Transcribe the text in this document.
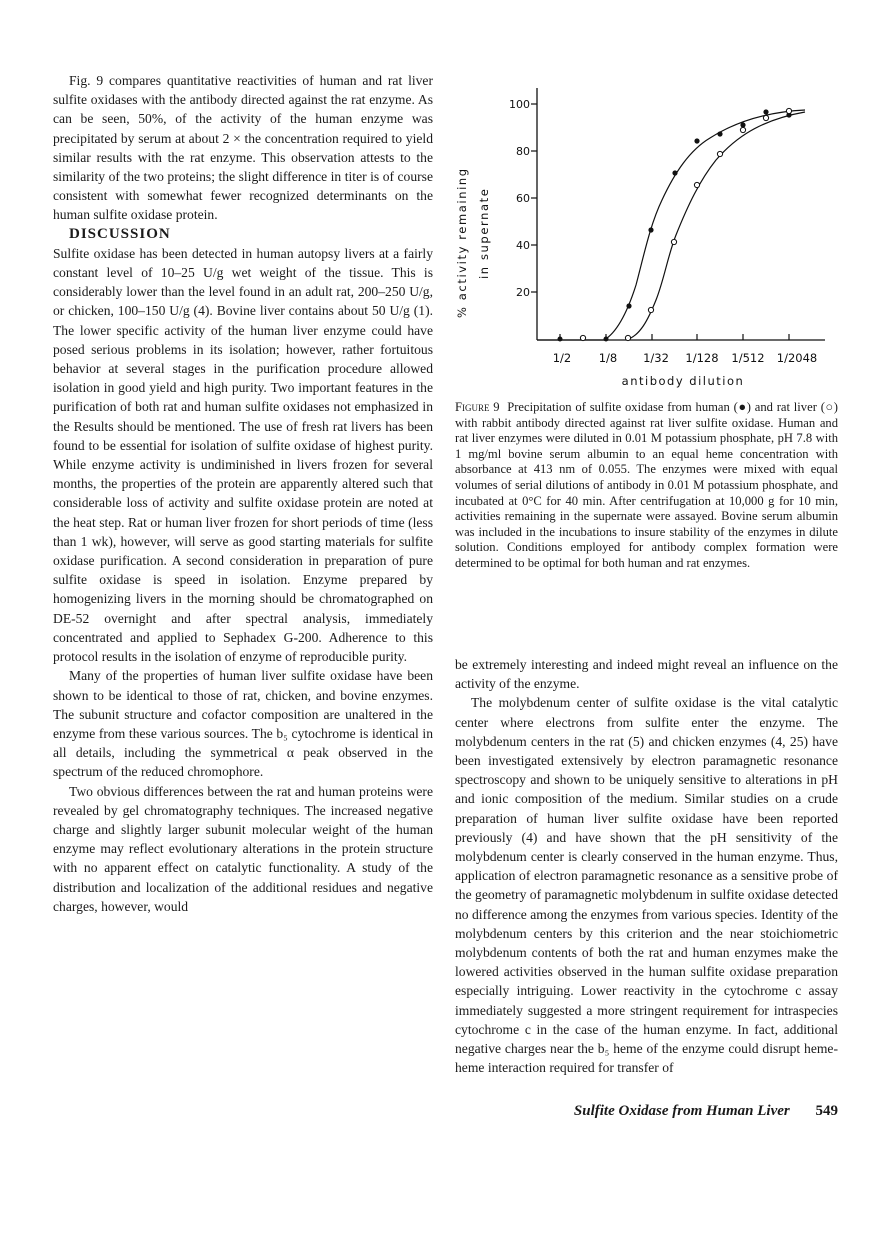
Fig. 9 compares quantitative reactivities of human and rat liver sulfite oxidases with the antibody directed against the rat enzyme. As can be seen, 50%, of the activity of the human enzyme was precipitated by serum at about 2 × the concentration required to yield similar results with the rat enzyme. This observation attests to the similarity of the two proteins; the slight difference in titer is of course consistent with somewhat fewer recognized determinants on the human sulfite oxidase protein.

DISCUSSION

Sulfite oxidase has been detected in human autopsy livers at a fairly constant level of 10–25 U/g wet weight of the tissue. This is considerably lower than the level found in an adult rat, 200–250 U/g, or chicken, 100–150 U/g (4). Bovine liver contains about 50 U/g (1). The lower specific activity of the human liver enzyme could have posed serious problems in its isolation; however, rather fortuitous behavior at several stages in the purification procedure allowed isolation in good yield and high purity. Two important features in the purification of both rat and human sulfite oxidases not emphasized in the Results should be mentioned. The use of fresh rat livers has been found to be essential for isolation of sulfite oxidase of highest purity. While enzyme activity is undiminished in livers frozen for several months, the properties of the protein are apparently altered such that considerable loss of activity and sulfite oxidase protein are noted at the heat step. Rat or human liver frozen for short periods of time (less than 1 wk), however, will serve as good starting materials for sulfite oxidase purification. A second consideration in preparation of pure sulfite oxidase is speed in isolation. Enzyme prepared by homogenizing livers in the morning should be chromatographed on DE-52 overnight and after spectral analysis, immediately concentrated and applied to Sephadex G-200. Adherence to this protocol results in the isolation of enzyme of reproducible purity.

Many of the properties of human liver sulfite oxidase have been shown to be identical to those of rat, chicken, and bovine enzymes. The subunit structure and cofactor composition are unaltered in the enzyme from these various sources. The b₅ cytochrome is identical in all details, including the symmetrical α peak observed in the spectrum of the reduced chromophore.

Two obvious differences between the rat and human proteins were revealed by gel chromatography techniques. The increased negative charge and slightly larger subunit molecular weight of the human enzyme may reflect evolutionary alterations in the protein structure with no apparent effect on catalytic functionality. A study of the distribution and localization of the additional residues and negative charges, however, would

100
80
60
40
20
% activity remaining in supernate
1/2 1/8 1/32 1/128 1/512 1/2048
antibody dilution
Figure 9 Precipitation of sulfite oxidase from human (●) and rat liver (○) with rabbit antibody directed against rat liver sulfite oxidase. Human and rat liver enzymes were diluted in 0.01 M potassium phosphate, pH 7.8 with 1 mg/ml bovine serum albumin to an equal heme concentration with absorbance at 413 nm of 0.055. The enzymes were mixed with equal volumes of serial dilutions of antibody in 0.01 M potassium phosphate, and incubated at 0°C for 40 min. After centrifugation at 10,000 g for 10 min, activities remaining in the supernate were assayed. Bovine serum albumin was included in the incubations to insure stability of the enzymes in dilute solution. Conditions employed for antibody complex formation were determined to be optimal for both human and rat enzymes.

be extremely interesting and indeed might reveal an influence on the activity of the enzyme.

The molybdenum center of sulfite oxidase is the vital catalytic center where electrons from sulfite enter the enzyme. The molybdenum centers in the rat (5) and chicken enzymes (4, 25) have been investigated extensively by electron paramagnetic resonance spectroscopy and shown to be uniquely sensitive to alterations in pH and ionic composition of the medium. Similar studies on a crude preparation of human liver sulfite oxidase have been reported previously (4) and have shown that the pH sensitivity of the molybdenum center is clearly conserved in the human enzyme. Thus, application of electron paramagnetic resonance as a sensitive probe of the geometry of paramagnetic molybdenum in sulfite oxidase detected no difference among the enzymes from various species. Identity of the molybdenum centers by this criterion and the near stoichiometric molybdenum contents of both the rat and human enzymes make the lowered activities observed in the human sulfite oxidase preparation especially intriguing. Lower reactivity in the cytochrome c assay immediately suggested a more stringent requirement for intraspecies cytochrome c in the case of the human enzyme. In fact, additional negative charges near the b₅ heme of the enzyme could disrupt heme-heme interaction required for transfer of

Sulfite Oxidase from Human Liver 549
